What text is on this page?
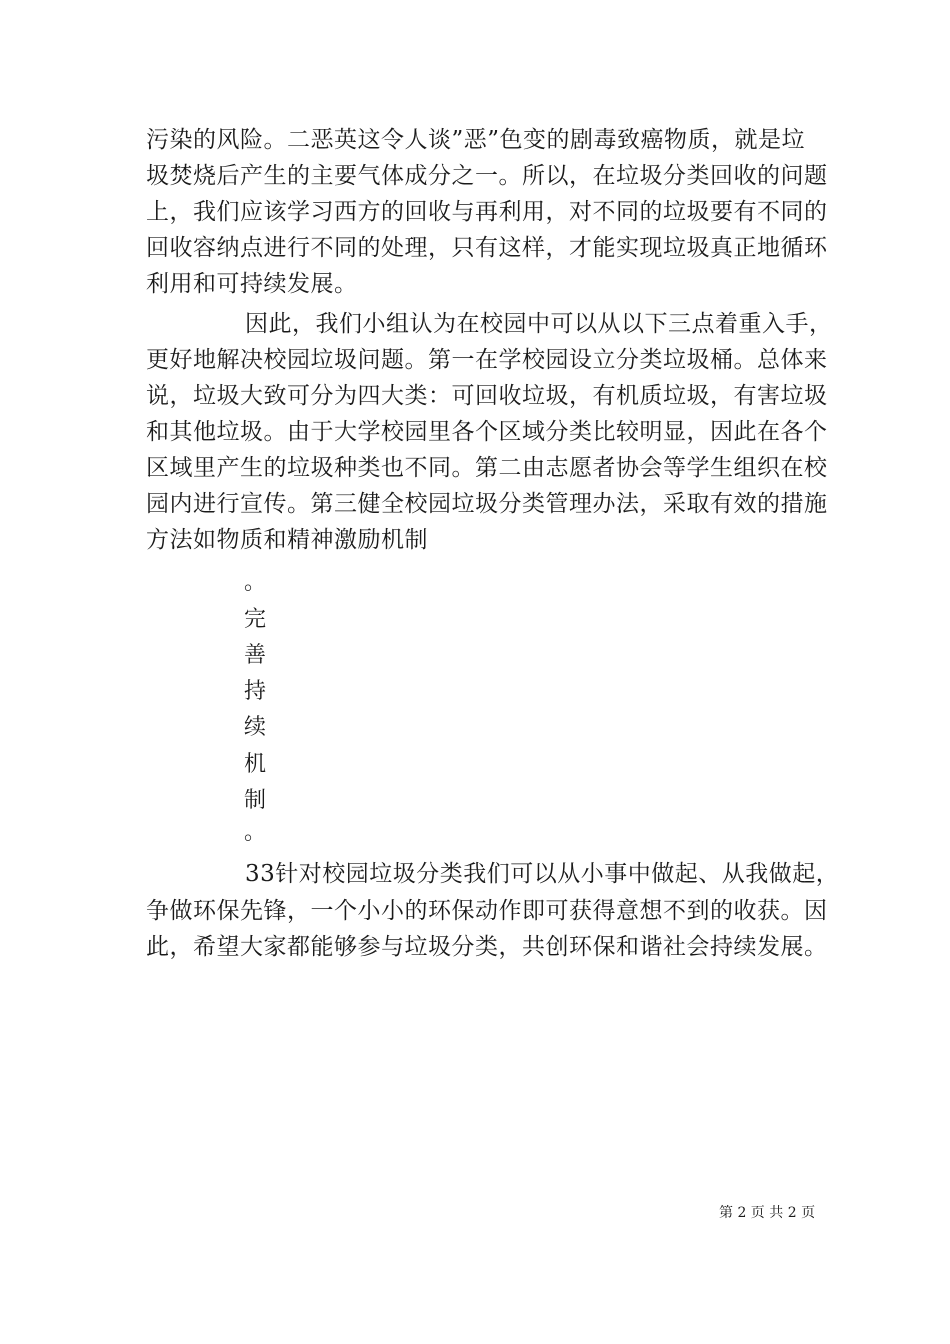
污染的风险。二恶英这令人谈”恶”色变的剧毒致癌物质，就是垃
圾焚烧后产生的主要气体成分之一。所以，在垃圾分类回收的问题
上，我们应该学习西方的回收与再利用，对不同的垃圾要有不同的
回收容纳点进行不同的处理，只有这样，才能实现垃圾真正地循环
利用和可持续发展。
因此，我们小组认为在校园中可以从以下三点着重入手，
更好地解决校园垃圾问题。第一在学校园设立分类垃圾桶。总体来
说，垃圾大致可分为四大类：可回收垃圾，有机质垃圾，有害垃圾
和其他垃圾。由于大学校园里各个区域分类比较明显，因此在各个
区域里产生的垃圾种类也不同。第二由志愿者协会等学生组织在校
园内进行宣传。第三健全校园垃圾分类管理办法，采取有效的措施
方法如物质和精神激励机制
。
完
善
持
续
机
制
。
33针对校园垃圾分类我们可以从小事中做起、从我做起，
争做环保先锋，一个小小的环保动作即可获得意想不到的收获。因
此，希望大家都能够参与垃圾分类，共创环保和谐社会持续发展。
第 2 页 共 2 页
